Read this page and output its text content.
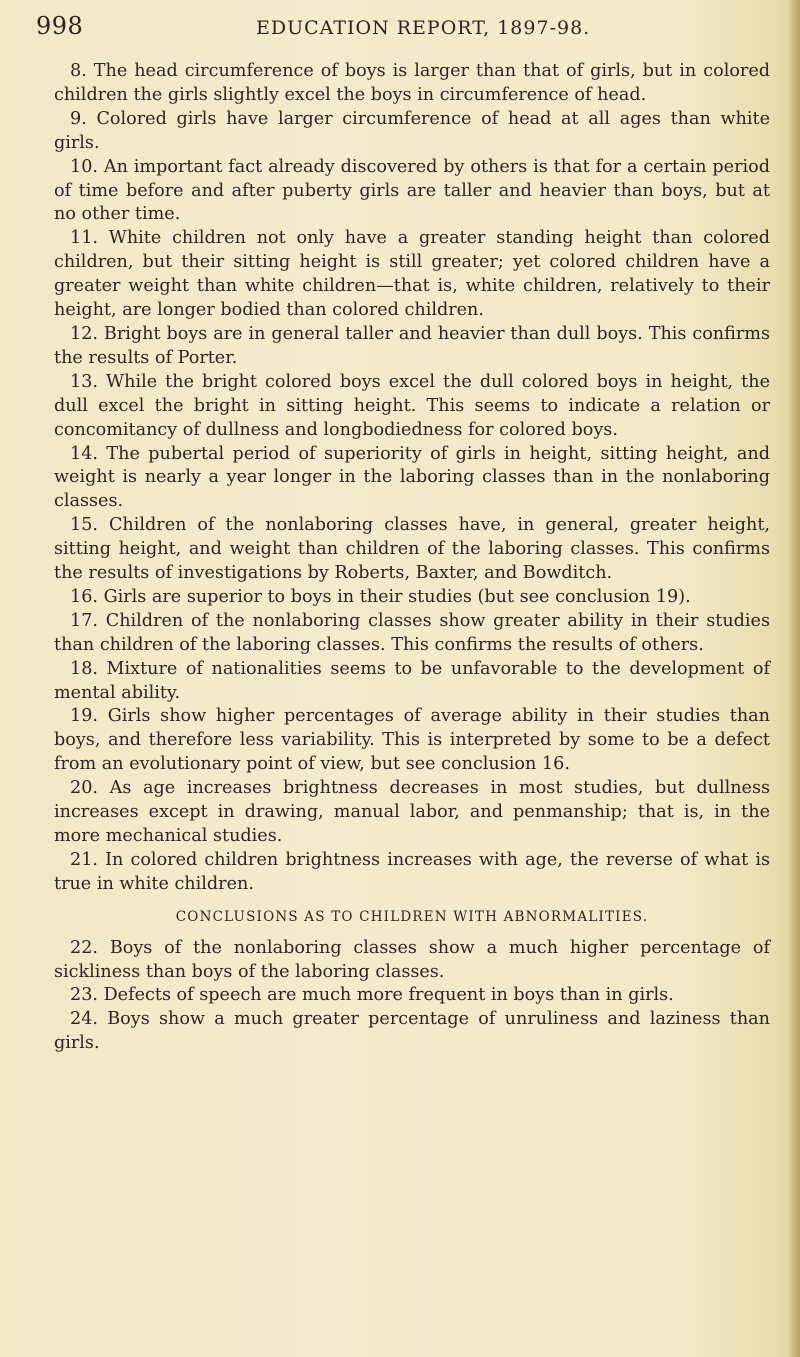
998	EDUCATION REPORT, 1897-98.

8. The head circumference of boys is larger than that of girls, but in colored children the girls slightly excel the boys in circumference of head.

9. Colored girls have larger circumference of head at all ages than white girls.

10. An important fact already discovered by others is that for a certain period of time before and after puberty girls are taller and heavier than boys, but at no other time.

11. White children not only have a greater standing height than colored children, but their sitting height is still greater; yet colored children have a greater weight than white children—that is, white children, relatively to their height, are longer bodied than colored children.

12. Bright boys are in general taller and heavier than dull boys. This confirms the results of Porter.

13. While the bright colored boys excel the dull colored boys in height, the dull excel the bright in sitting height. This seems to indicate a relation or concomitancy of dullness and longbodiedness for colored boys.

14. The pubertal period of superiority of girls in height, sitting height, and weight is nearly a year longer in the laboring classes than in the nonlaboring classes.

15. Children of the nonlaboring classes have, in general, greater height, sitting height, and weight than children of the laboring classes. This confirms the results of investigations by Roberts, Baxter, and Bowditch.

16. Girls are superior to boys in their studies (but see conclusion 19).

17. Children of the nonlaboring classes show greater ability in their studies than children of the laboring classes. This confirms the results of others.

18. Mixture of nationalities seems to be unfavorable to the development of mental ability.

19. Girls show higher percentages of average ability in their studies than boys, and therefore less variability. This is interpreted by some to be a defect from an evolutionary point of view, but see conclusion 16.

20. As age increases brightness decreases in most studies, but dullness increases except in drawing, manual labor, and penmanship; that is, in the more mechanical studies.

21. In colored children brightness increases with age, the reverse of what is true in white children.

CONCLUSIONS AS TO CHILDREN WITH ABNORMALITIES.

22. Boys of the nonlaboring classes show a much higher percentage of sickliness than boys of the laboring classes.

23. Defects of speech are much more frequent in boys than in girls.

24. Boys show a much greater percentage of unruliness and laziness than girls.
